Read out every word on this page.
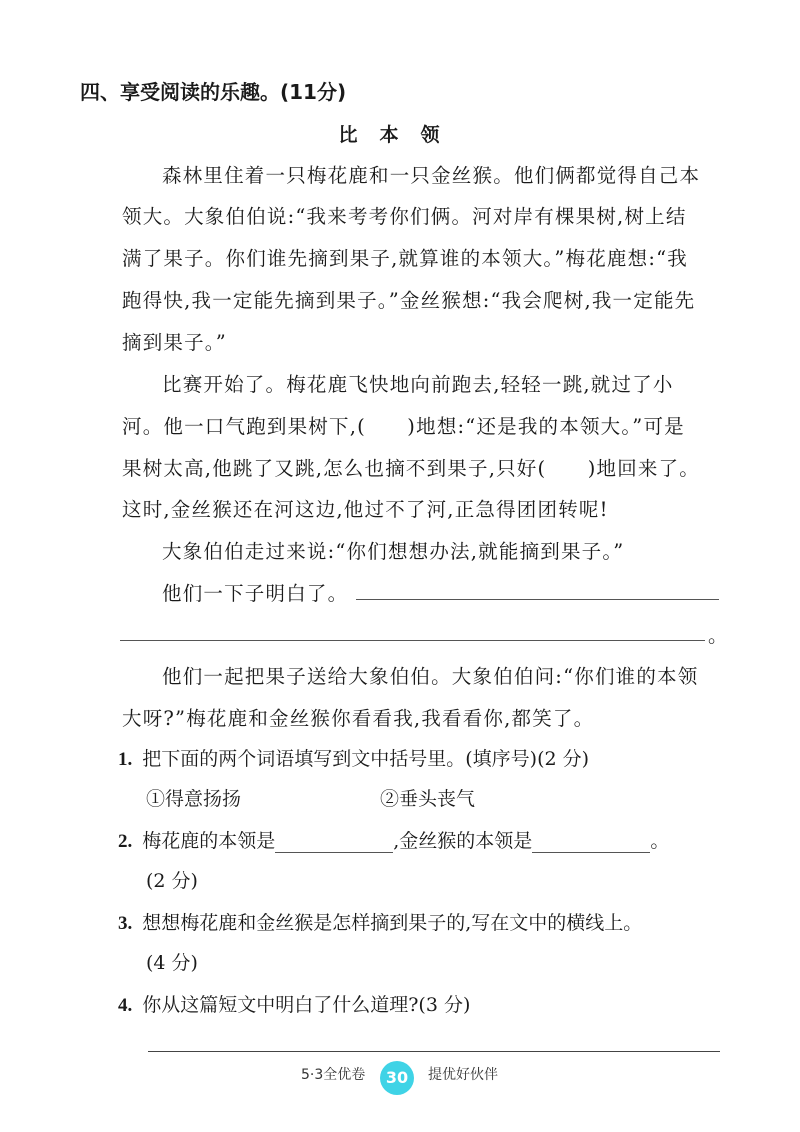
四、享受阅读的乐趣。(11分)
比本领
森林里住着一只梅花鹿和一只金丝猴。他们俩都觉得自己本
领大。大象伯伯说:“我来考考你们俩。河对岸有棵果树,树上结
满了果子。你们谁先摘到果子,就算谁的本领大。”梅花鹿想:“我
跑得快,我一定能先摘到果子。”金丝猴想:“我会爬树,我一定能先
摘到果子。”
比赛开始了。梅花鹿飞快地向前跑去,轻轻一跳,就过了小
河。他一口气跑到果树下,(　　)地想:“还是我的本领大。”可是
果树太高,他跳了又跳,怎么也摘不到果子,只好(　　)地回来了。
这时,金丝猴还在河这边,他过不了河,正急得团团转呢!
大象伯伯走过来说:“你们想想办法,就能摘到果子。”
他们一下子明白了。
。
他们一起把果子送给大象伯伯。大象伯伯问:“你们谁的本领
大呀?”梅花鹿和金丝猴你看看我,我看看你,都笑了。
1. 把下面的两个词语填写到文中括号里。(填序号)(2 分)
①得意扬扬	②垂头丧气
2. 梅花鹿的本领是	,金丝猴的本领是	。
(2 分)
3. 想想梅花鹿和金丝猴是怎样摘到果子的,写在文中的横线上。
(4 分)
4. 你从这篇短文中明白了什么道理?(3 分)
5·3全优卷	30	提优好伙伴
